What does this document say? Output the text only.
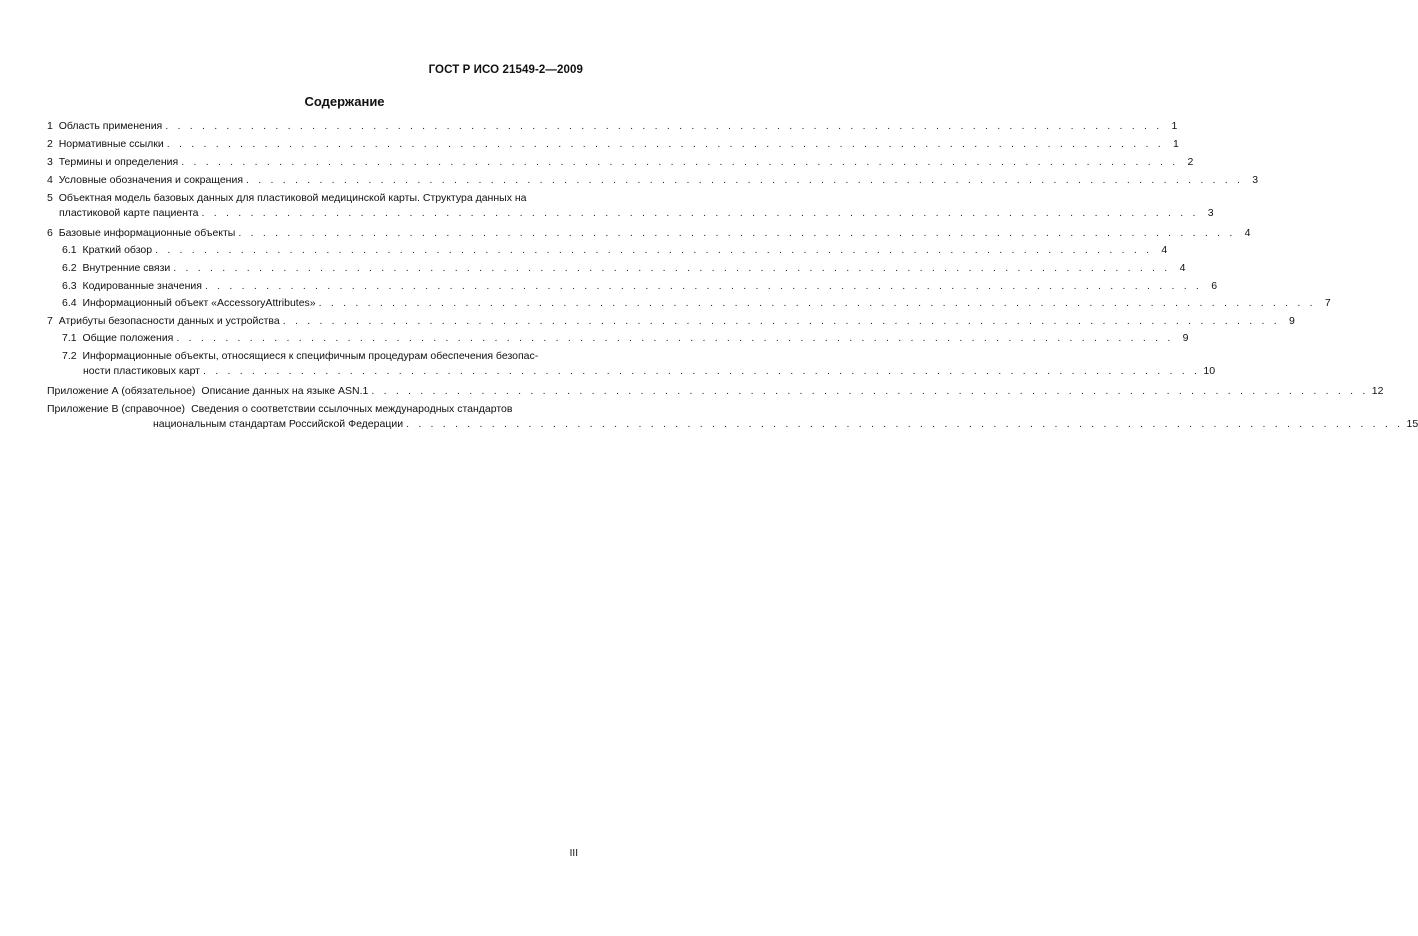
ГОСТ Р ИСО 21549-2—2009
Содержание
1
Область применения . . . . . . . . . . . . . . . . . . . . . . . . . . . . . . . . . . . . . . . . . . . . . . . . . . . . . . . . . . . . . . . . . . . . . . . . . . . . . . . . . . 1
2
Нормативные ссылки . . . . . . . . . . . . . . . . . . . . . . . . . . . . . . . . . . . . . . . . . . . . . . . . . . . . . . . . . . . . . . . . . . . . . . . . . . . . . . . . . . 1
3
Термины и определения . . . . . . . . . . . . . . . . . . . . . . . . . . . . . . . . . . . . . . . . . . . . . . . . . . . . . . . . . . . . . . . . . . . . . . . . . . . . . . . . . . 2
4
Условные обозначения и сокращения . . . . . . . . . . . . . . . . . . . . . . . . . . . . . . . . . . . . . . . . . . . . . . . . . . . . . . . . . . . . . . . . . . . . . . . . . . . . . . . . . . 3
5
Объектная модель базовых данных для пластиковой медицинской карты. Структура данных на
пластиковой карте пациента . . . . . . . . . . . . . . . . . . . . . . . . . . . . . . . . . . . . . . . . . . . . . . . . . . . . . . . . . . . . . . . . . . . . . . . . . . . . . . . . . . 3
6
Базовые информационные объекты . . . . . . . . . . . . . . . . . . . . . . . . . . . . . . . . . . . . . . . . . . . . . . . . . . . . . . . . . . . . . . . . . . . . . . . . . . . . . . . . . . 4
6.1
Краткий обзор . . . . . . . . . . . . . . . . . . . . . . . . . . . . . . . . . . . . . . . . . . . . . . . . . . . . . . . . . . . . . . . . . . . . . . . . . . . . . . . . . . 4
6.2
Внутренние связи . . . . . . . . . . . . . . . . . . . . . . . . . . . . . . . . . . . . . . . . . . . . . . . . . . . . . . . . . . . . . . . . . . . . . . . . . . . . . . . . . . 4
6.3
Кодированные значения . . . . . . . . . . . . . . . . . . . . . . . . . . . . . . . . . . . . . . . . . . . . . . . . . . . . . . . . . . . . . . . . . . . . . . . . . . . . . . . . . . 6
6.4
Информационный объект «AccessoryAttributes» . . . . . . . . . . . . . . . . . . . . . . . . . . . . . . . . . . . . . . . . . . . . . . . . . . . . . . . . . . . . . . . . . . . . . . . . . . . . . . . . . . 7
7
Атрибуты безопасности данных и устройства . . . . . . . . . . . . . . . . . . . . . . . . . . . . . . . . . . . . . . . . . . . . . . . . . . . . . . . . . . . . . . . . . . . . . . . . . . . . . . . . . . 9
7.1
Общие положения . . . . . . . . . . . . . . . . . . . . . . . . . . . . . . . . . . . . . . . . . . . . . . . . . . . . . . . . . . . . . . . . . . . . . . . . . . . . . . . . . . 9
7.2
Информационные объекты, относящиеся к специфичным процедурам обеспечения безопас-
ности пластиковых карт . . . . . . . . . . . . . . . . . . . . . . . . . . . . . . . . . . . . . . . . . . . . . . . . . . . . . . . . . . . . . . . . . . . . . . . . . . . . . . . . . . 10
Приложение А (обязательное) Описание данных на языке ASN.1 . . . . . . . . . . . . . . . . . . . . . . . . . . . . . . . . . . . . . . . . . . . . . . . . . . . . . . . . . . . . . . . . . . . . . . . . . . . . . . . . . . 12
Приложение В (справочное) Сведения о соответствии ссылочных международных стандартов
национальным стандартам Российской Федерации . . . . . . . . . . . . . . . . . . . . . . . . . . . . . . . . . . . . . . . . . . . . . . . . . . . . . . . . . . . . . . . . . . . . . . . . . . . . . . . . . . 15
III
